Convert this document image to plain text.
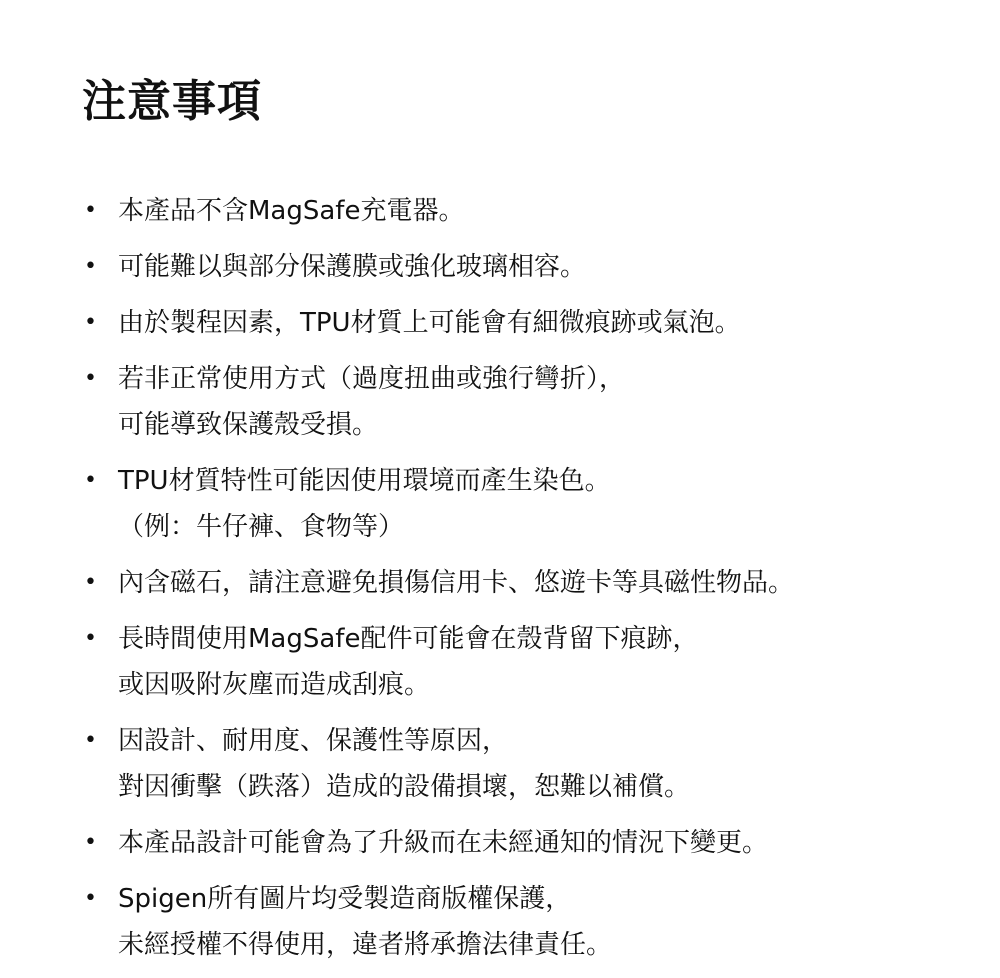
注意事項
• 本產品不含MagSafe充電器。
• 可能難以與部分保護膜或強化玻璃相容。
• 由於製程因素，TPU材質上可能會有細微痕跡或氣泡。
• 若非正常使用方式（過度扭曲或強行彎折），
可能導致保護殼受損。
• TPU材質特性可能因使用環境而產生染色。
（例：牛仔褲、食物等）
• 內含磁石，請注意避免損傷信用卡、悠遊卡等具磁性物品。
• 長時間使用MagSafe配件可能會在殼背留下痕跡，
或因吸附灰塵而造成刮痕。
• 因設計、耐用度、保護性等原因，
對因衝擊（跌落）造成的設備損壞，恕難以補償。
• 本產品設計可能會為了升級而在未經通知的情況下變更。
• Spigen所有圖片均受製造商版權保護，
未經授權不得使用，違者將承擔法律責任。
